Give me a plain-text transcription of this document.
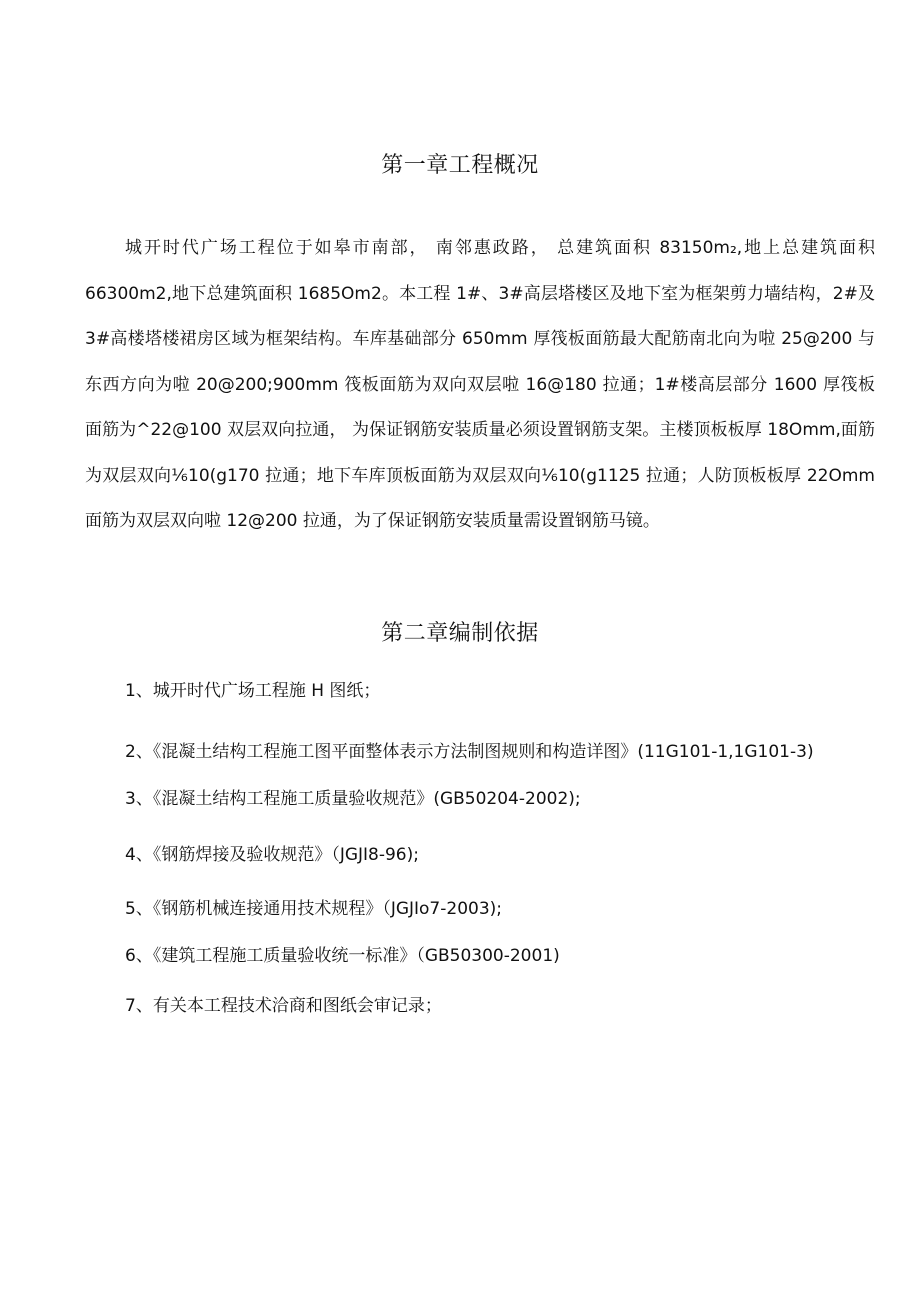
第一章工程概况

城开时代广场工程位于如皋市南部， 南邻惠政路， 总建筑面积 83150m₂,地上总建筑面积 66300m2,地下总建筑面积 1685Om2。本工程 1#、3#高层塔楼区及地下室为框架剪力墙结构，2#及 3#高楼塔楼裙房区域为框架结构。车库基础部分 650mm 厚筏板面筋最大配筋南北向为啦 25@200 与东西方向为啦 20@200;900mm 筏板面筋为双向双层啦 16@180 拉通；1#楼高层部分 1600 厚筏板面筋为^22@100 双层双向拉通， 为保证钢筋安装质量必须设置钢筋支架。主楼顶板板厚 18Omm,面筋为双层双向⅙10(g170 拉通；地下车库顶板面筋为双层双向⅙10(g1125 拉通；人防顶板板厚 22Omm 面筋为双层双向啦 12@200 拉通，为了保证钢筋安装质量需设置钢筋马镜。

第二章编制依据

1、城开时代广场工程施 H 图纸；

2、《混凝土结构工程施工图平面整体表示方法制图规则和构造详图》(11G101-1,1G101-3)

3、《混凝土结构工程施工质量验收规范》(GB50204-2002);

4、《钢筋焊接及验收规范》（JGJI8-96);

5、《钢筋机械连接通用技术规程》（JGJIo7-2003);

6、《建筑工程施工质量验收统一标准》（GB50300-2001)

7、有关本工程技术洽商和图纸会审记录；
